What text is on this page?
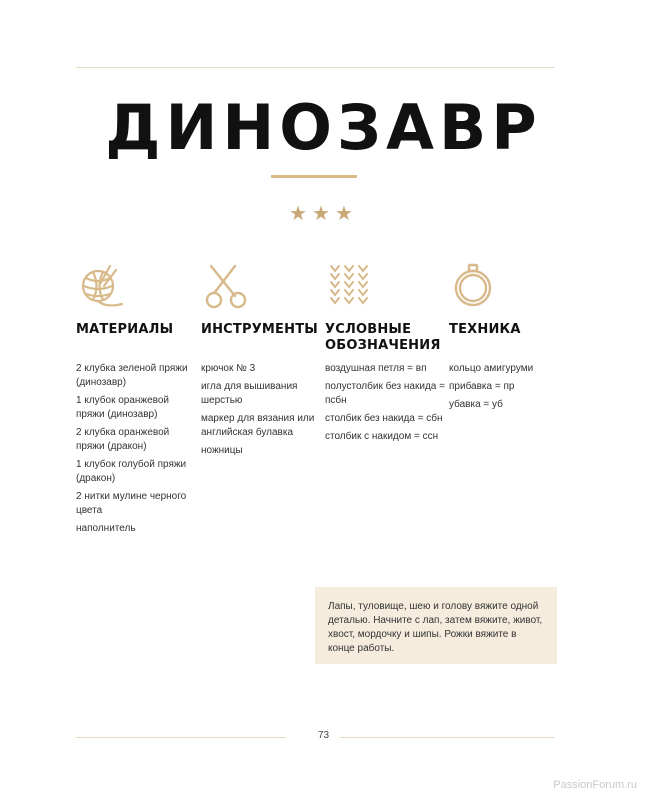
ДИНОЗАВР
★★★
МАТЕРИАЛЫ
2 клубка зеленой пряжи (динозавр)
1 клубок оранжевой пряжи (динозавр)
2 клубка оранжевой пряжи (дракон)
1 клубок голубой пряжи (дракон)
2 нитки мулине черного цвета
наполнитель
ИНСТРУМЕНТЫ
крючок № 3
игла для вышивания шерстью
маркер для вязания или английская булавка
ножницы
УСЛОВНЫЕ ОБОЗНАЧЕНИЯ
воздушная петля = вп
полустолбик без накида = псбн
столбик без накида = сбн
столбик с накидом = ссн
ТЕХНИКА
кольцо амигуруми
прибавка = пр
убавка = уб
Лапы, туловище, шею и голову вяжите одной деталью. Начните с лап, затем вяжите, живот, хвост, мордочку и шипы. Рожки вяжите в конце работы.
73
PassionForum.ru
